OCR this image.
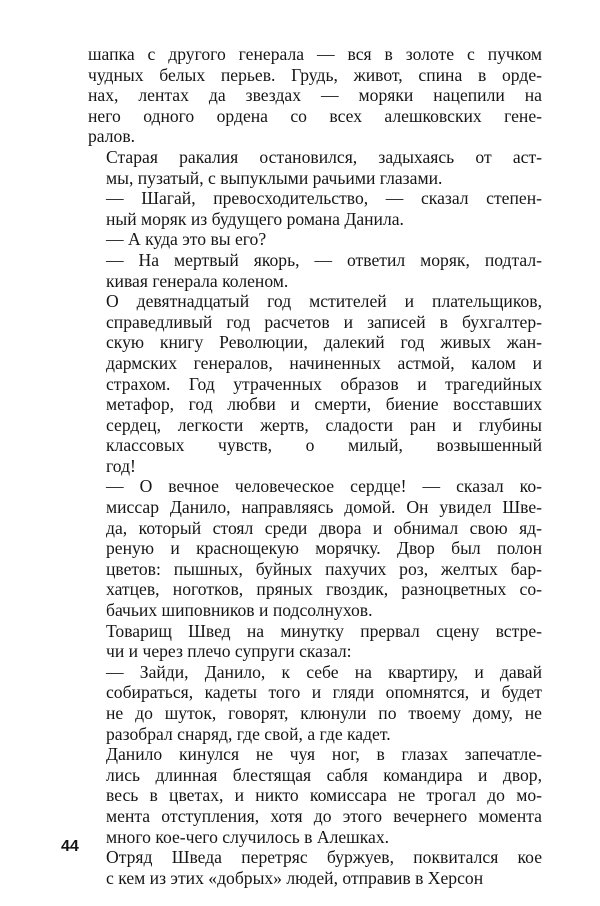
шапка с другого генерала — вся в золоте с пучком
чудных белых перьев. Грудь, живот, спина в орде-
нах, лентах да звездах — моряки нацепили на
него одного ордена со всех алешковских гене-
ралов.

Старая ракалия остановился, задыхаясь от аст-
мы, пузатый, с выпуклыми рачьими глазами.

— Шагай, превосходительство, — сказал степен-
ный моряк из будущего романа Данила.

— А куда это вы его?

— На мертвый якорь, — ответил моряк, подтал-
кивая генерала коленом.

О девятнадцатый год мстителей и плательщиков,
справедливый год расчетов и записей в бухгалтер-
скую книгу Революции, далекий год живых жан-
дармских генералов, начиненных астмой, калом и
страхом. Год утраченных образов и трагедийных
метафор, год любви и смерти, биение восставших
сердец, легкости жертв, сладости ран и глубины
классовых чувств, о милый, возвышенный
год!

— О вечное человеческое сердце! — сказал ко-
миссар Данило, направляясь домой. Он увидел Шве-
да, который стоял среди двора и обнимал свою яд-
реную и краснощекую морячку. Двор был полон
цветов: пышных, буйных пахучих роз, желтых бар-
хатцев, ноготков, пряных гвоздик, разноцветных со-
бачьих шиповников и подсолнухов.

Товарищ Швед на минутку прервал сцену встре-
чи и через плечо супруги сказал:

— Зайди, Данило, к себе на квартиру, и давай
собираться, кадеты того и гляди опомнятся, и будет
не до шуток, говорят, клюнули по твоему дому, не
разобрал снаряд, где свой, а где кадет.

Данило кинулся не чуя ног, в глазах запечатле-
лись длинная блестящая сабля командира и двор,
весь в цветах, и никто комиссара не трогал до мо-
мента отступления, хотя до этого вечернего момента
много кое-чего случилось в Алешках.

Отряд Шведа перетряс буржуев, поквитался кое
с кем из этих «добрых» людей, отправив в Херсон

44
